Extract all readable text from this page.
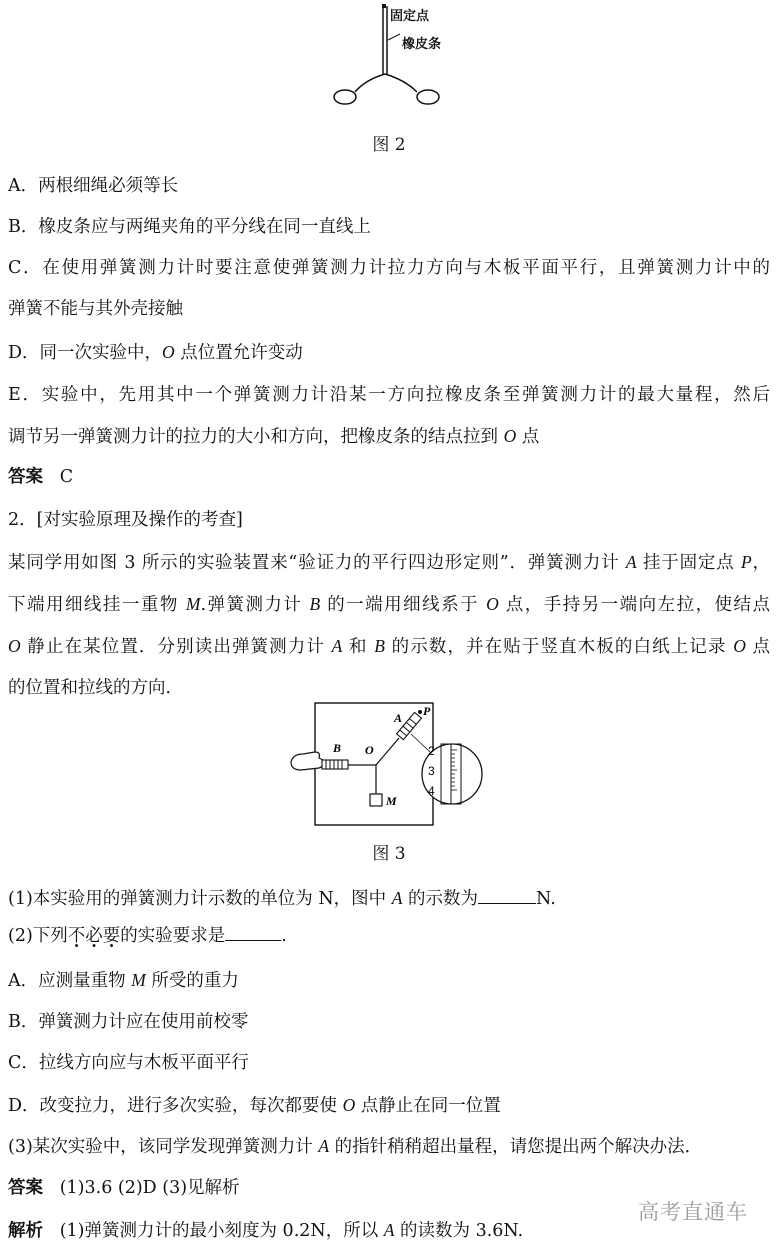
固定点
橡皮条
图 2
A．两根细绳必须等长
B．橡皮条应与两绳夹角的平分线在同一直线上
C．在使用弹簧测力计时要注意使弹簧测力计拉力方向与木板平面平行，且弹簧测力计中的
弹簧不能与其外壳接触
D．同一次实验中，O 点位置允许变动
E．实验中，先用其中一个弹簧测力计沿某一方向拉橡皮条至弹簧测力计的最大量程，然后
调节另一弹簧测力计的拉力的大小和方向，把橡皮条的结点拉到 O 点
答案 C
2．[对实验原理及操作的考查]
某同学用如图 3 所示的实验装置来“验证力的平行四边形定则”．弹簧测力计 A 挂于固定点 P，
下端用细线挂一重物 M.弹簧测力计 B 的一端用细线系于 O 点，手持另一端向左拉，使结点
O 静止在某位置．分别读出弹簧测力计 A 和 B 的示数，并在贴于竖直木板的白纸上记录 O 点
的位置和拉线的方向．
2
3
4
A P
B O
M
图 3
(1)本实验用的弹簧测力计示数的单位为 N，图中 A 的示数为	N.
(2)下列不必要的实验要求是	.
A．应测量重物 M 所受的重力
B．弹簧测力计应在使用前校零
C．拉线方向应与木板平面平行
D．改变拉力，进行多次实验，每次都要使 O 点静止在同一位置
(3)某次实验中，该同学发现弹簧测力计 A 的指针稍稍超出量程，请您提出两个解决办法．
答案 (1)3.6 (2)D (3)见解析
解析 (1)弹簧测力计的最小刻度为 0.2N，所以 A 的读数为 3.6N.
高考直通车
